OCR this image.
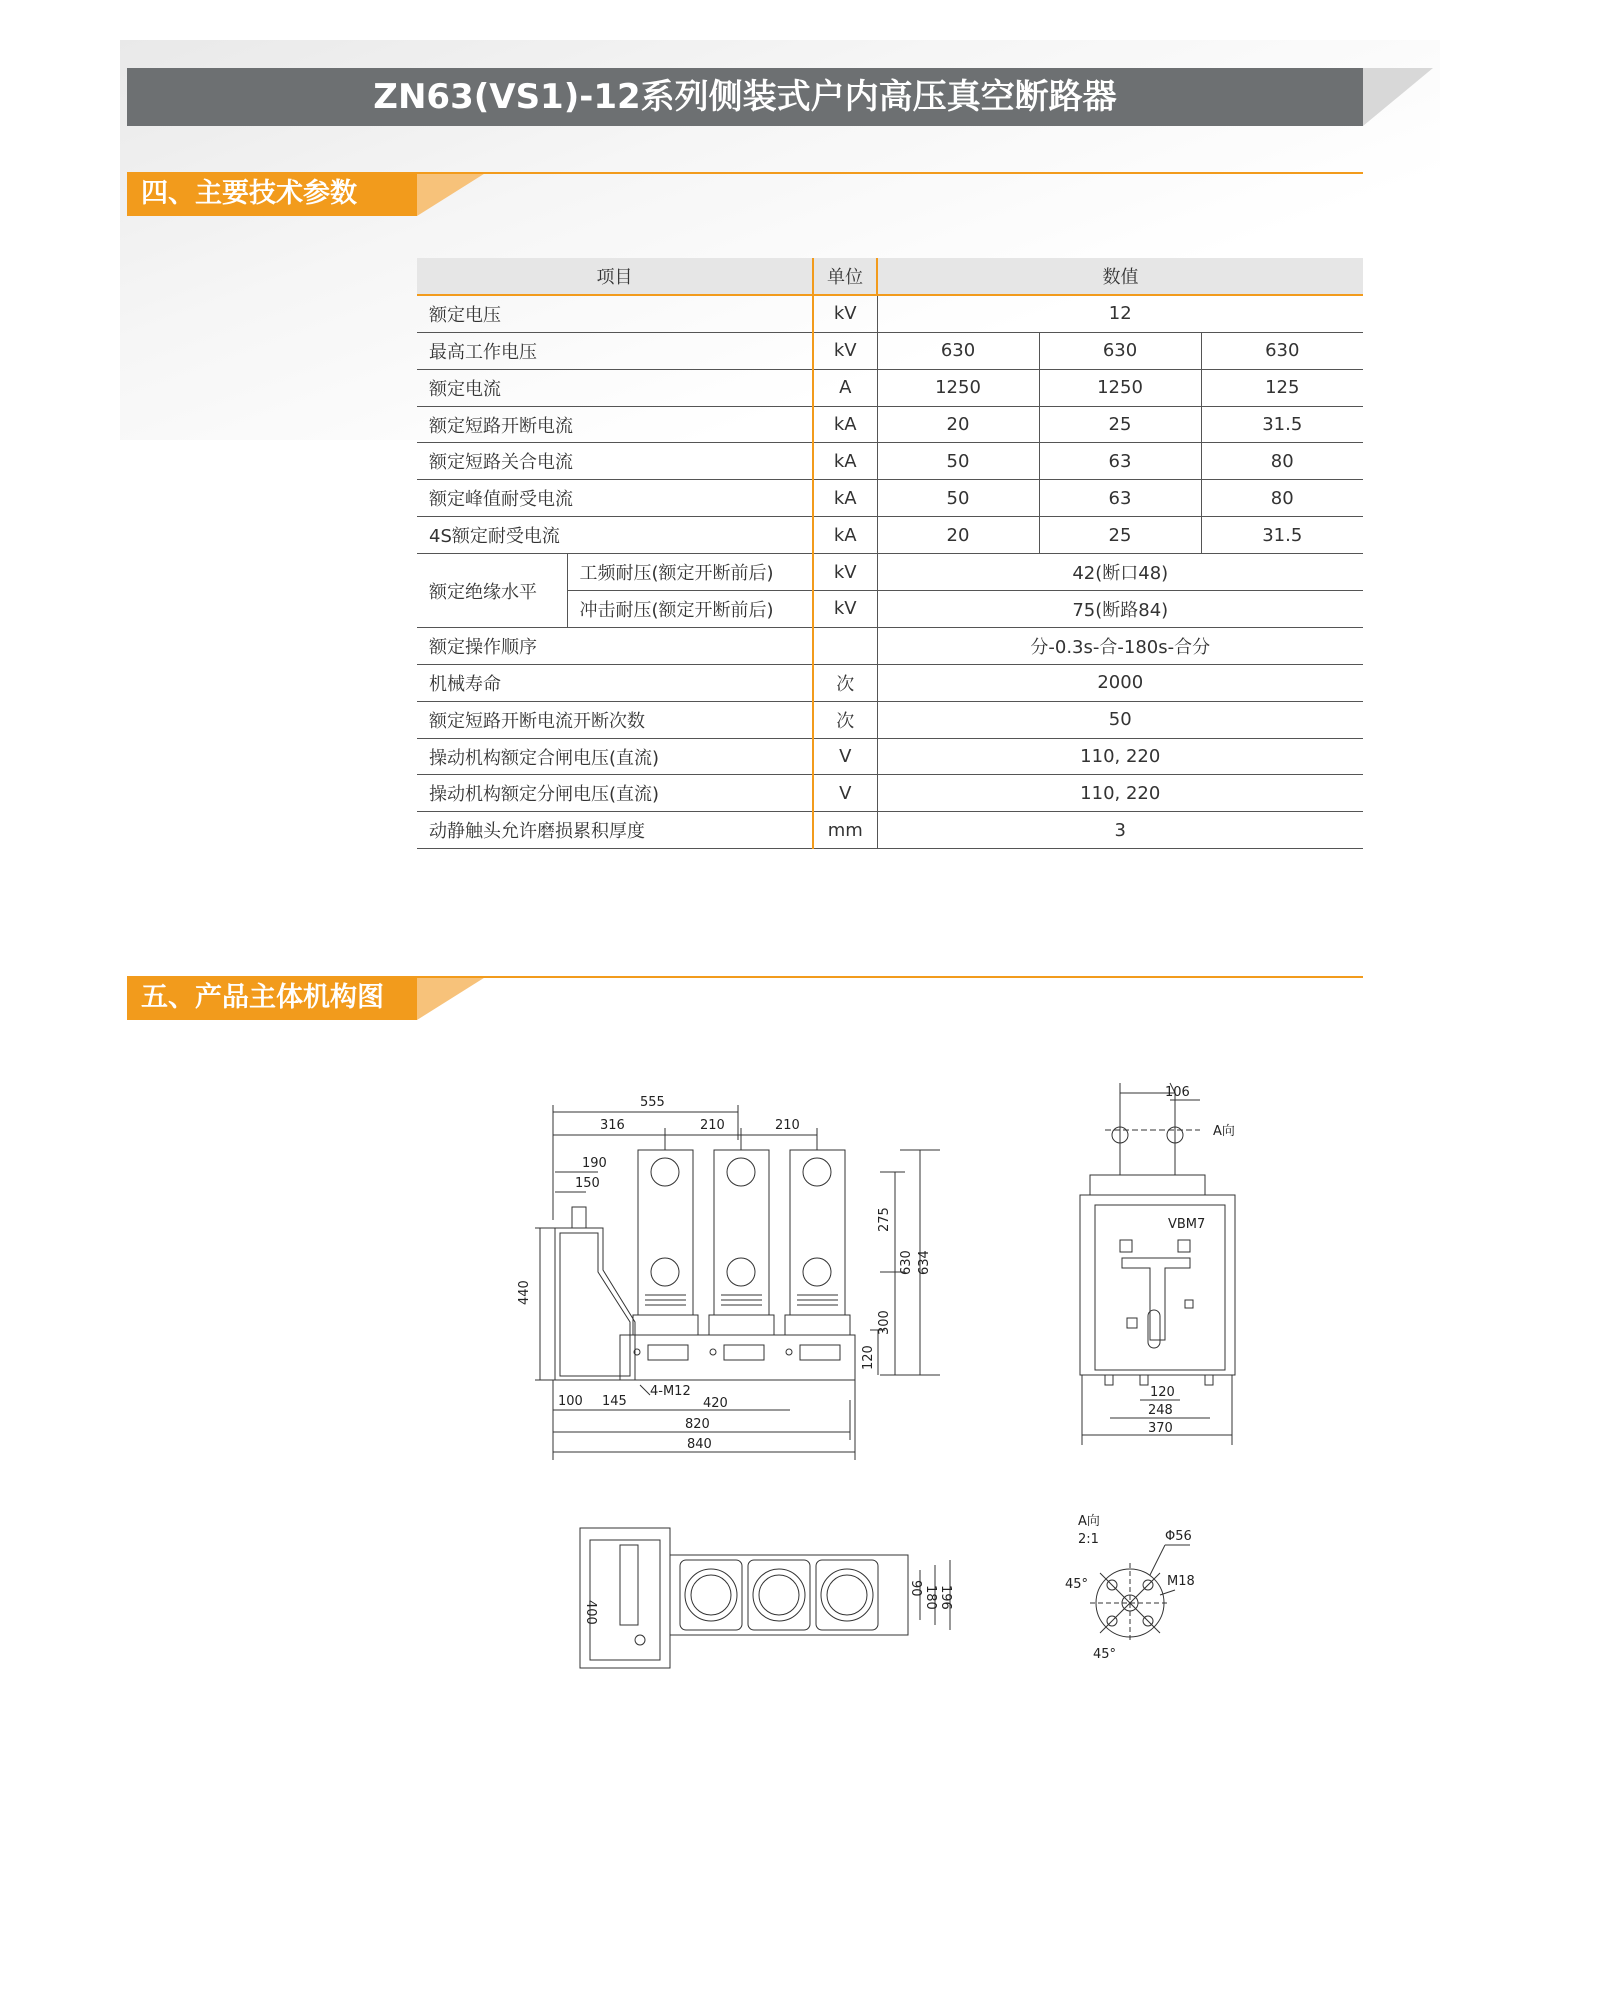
ZN63(VS1)-12系列侧装式户内高压真空断路器
四、主要技术参数
项目		单位	数值		
额定电压		kV	12		
最高工作电压		kV	630	630	630
额定电流		A	1250	1250	125
额定短路开断电流		kA	20	25	31.5
额定短路关合电流		kA	50	63	80
额定峰值耐受电流		kA	50	63	80
4S额定耐受电流		kA	20	25	31.5
额定绝缘水平	工频耐压(额定开断前后)	kV	42(断口48)		
	冲击耐压(额定开断前后)	kV	75(断路84)		
额定操作顺序			分-0.3s-合-180s-合分		
机械寿命		次	2000		
额定短路开断电流开断次数		次	50		
操动机构额定合闸电压(直流)		V	110, 220		
操动机构额定分闸电压(直流)		V	110, 220		
动静触头允许磨损累积厚度		mm	3		
五、产品主体机构图
555
316	210	210
190
150
440
275
630 634
300
120
4-M12
100 145	420
820
840
106
A向
VBM7
120
248
370
400
90 180 196
A向
2:1	Φ56
M18
45°
45°
